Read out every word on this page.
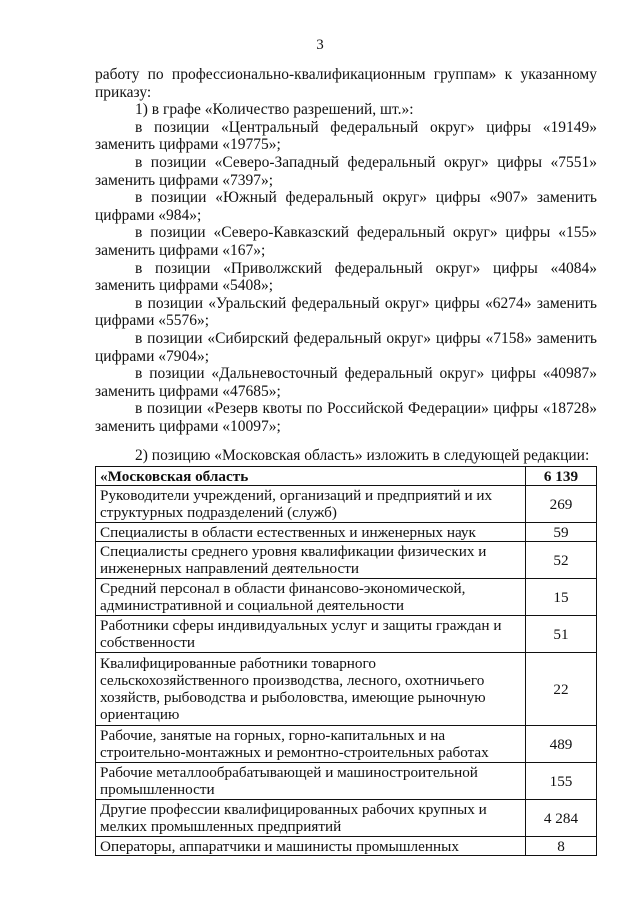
3

работу по профессионально-квалификационным группам» к указанному приказу:

1) в графе «Количество разрешений, шт.»:

в позиции «Центральный федеральный округ» цифры «19149» заменить цифрами «19775»;

в позиции «Северо-Западный федеральный округ» цифры «7551» заменить цифрами «7397»;

в позиции «Южный федеральный округ» цифры «907» заменить цифрами «984»;

в позиции «Северо-Кавказский федеральный округ» цифры «155» заменить цифрами «167»;

в позиции «Приволжский федеральный округ» цифры «4084» заменить цифрами «5408»;

в позиции «Уральский федеральный округ» цифры «6274» заменить цифрами «5576»;

в позиции «Сибирский федеральный округ» цифры «7158» заменить цифрами «7904»;

в позиции «Дальневосточный федеральный округ» цифры «40987» заменить цифрами «47685»;

в позиции «Резерв квоты по Российской Федерации» цифры «18728» заменить цифрами «10097»;

2) позицию «Московская область» изложить в следующей редакции:
«Московская область	6 139
Руководители учреждений, организаций и предприятий и их структурных подразделений (служб)	269
Специалисты в области естественных и инженерных наук	59
Специалисты среднего уровня квалификации физических и инженерных направлений деятельности	52
Средний персонал в области финансово-экономической, административной и социальной деятельности	15
Работники сферы индивидуальных услуг и защиты граждан и собственности	51
Квалифицированные работники товарного сельскохозяйственного производства, лесного, охотничьего хозяйств, рыбоводства и рыболовства, имеющие рыночную ориентацию	22
Рабочие, занятые на горных, горно-капитальных и на строительно-монтажных и ремонтно-строительных работах	489
Рабочие металлообрабатывающей и машиностроительной промышленности	155
Другие профессии квалифицированных рабочих крупных и мелких промышленных предприятий	4 284
Операторы, аппаратчики и машинисты промышленных	8
